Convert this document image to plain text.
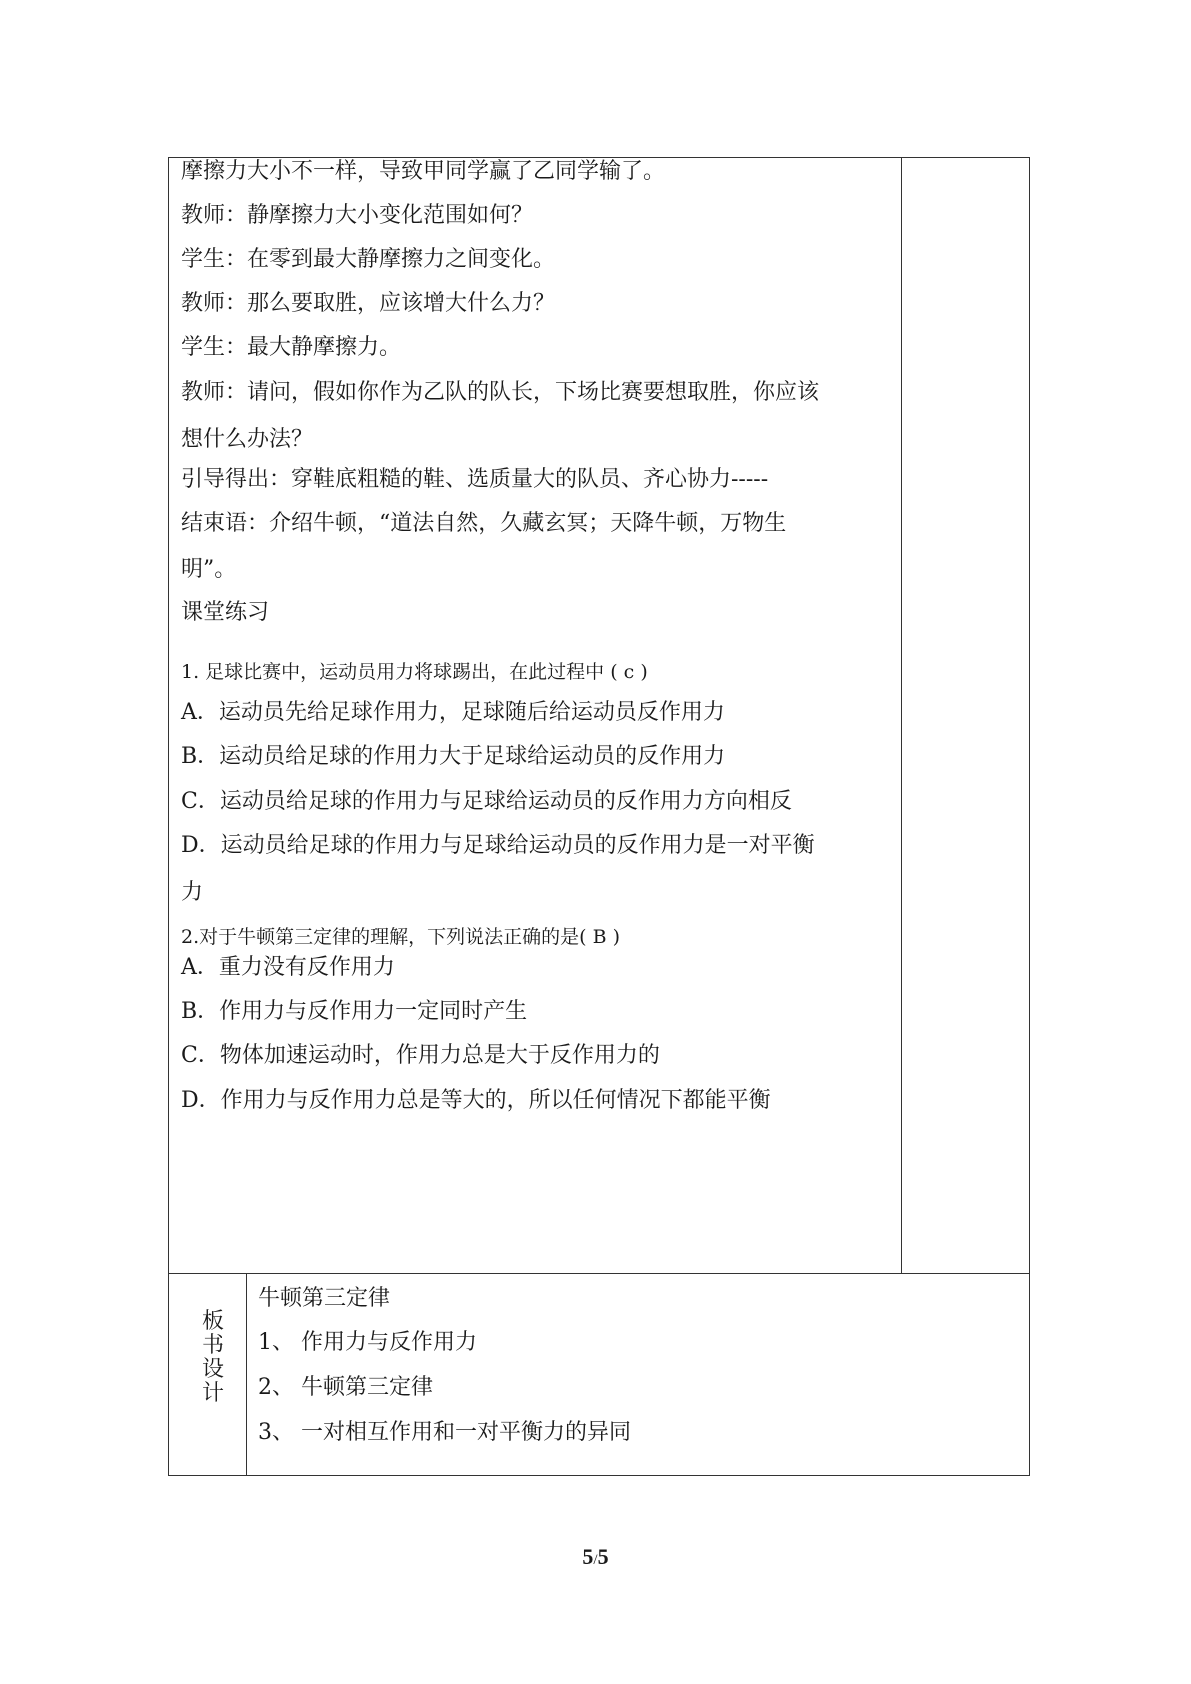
摩擦力大小不一样，导致甲同学赢了乙同学输了。
教师：静摩擦力大小变化范围如何？
学生：在零到最大静摩擦力之间变化。
教师：那么要取胜，应该增大什么力？
学生：最大静摩擦力。
教师：请问，假如你作为乙队的队长，下场比赛要想取胜，你应该
想什么办法？
引导得出：穿鞋底粗糙的鞋、选质量大的队员、齐心协力-----
结束语：介绍牛顿，“道法自然，久藏玄冥；天降牛顿，万物生
明”。
课堂练习
1. 足球比赛中，运动员用力将球踢出，在此过程中 ( c )
A．运动员先给足球作用力，足球随后给运动员反作用力
B．运动员给足球的作用力大于足球给运动员的反作用力
C．运动员给足球的作用力与足球给运动员的反作用力方向相反
D．运动员给足球的作用力与足球给运动员的反作用力是一对平衡
力
2.对于牛顿第三定律的理解，下列说法正确的是( B )
A．重力没有反作用力
B．作用力与反作用力一定同时产生
C．物体加速运动时，作用力总是大于反作用力的
D．作用力与反作用力总是等大的，所以任何情况下都能平衡
板
书
设
计
牛顿第三定律
1、 作用力与反作用力
2、 牛顿第三定律
3、 一对相互作用和一对平衡力的异同
5/5
